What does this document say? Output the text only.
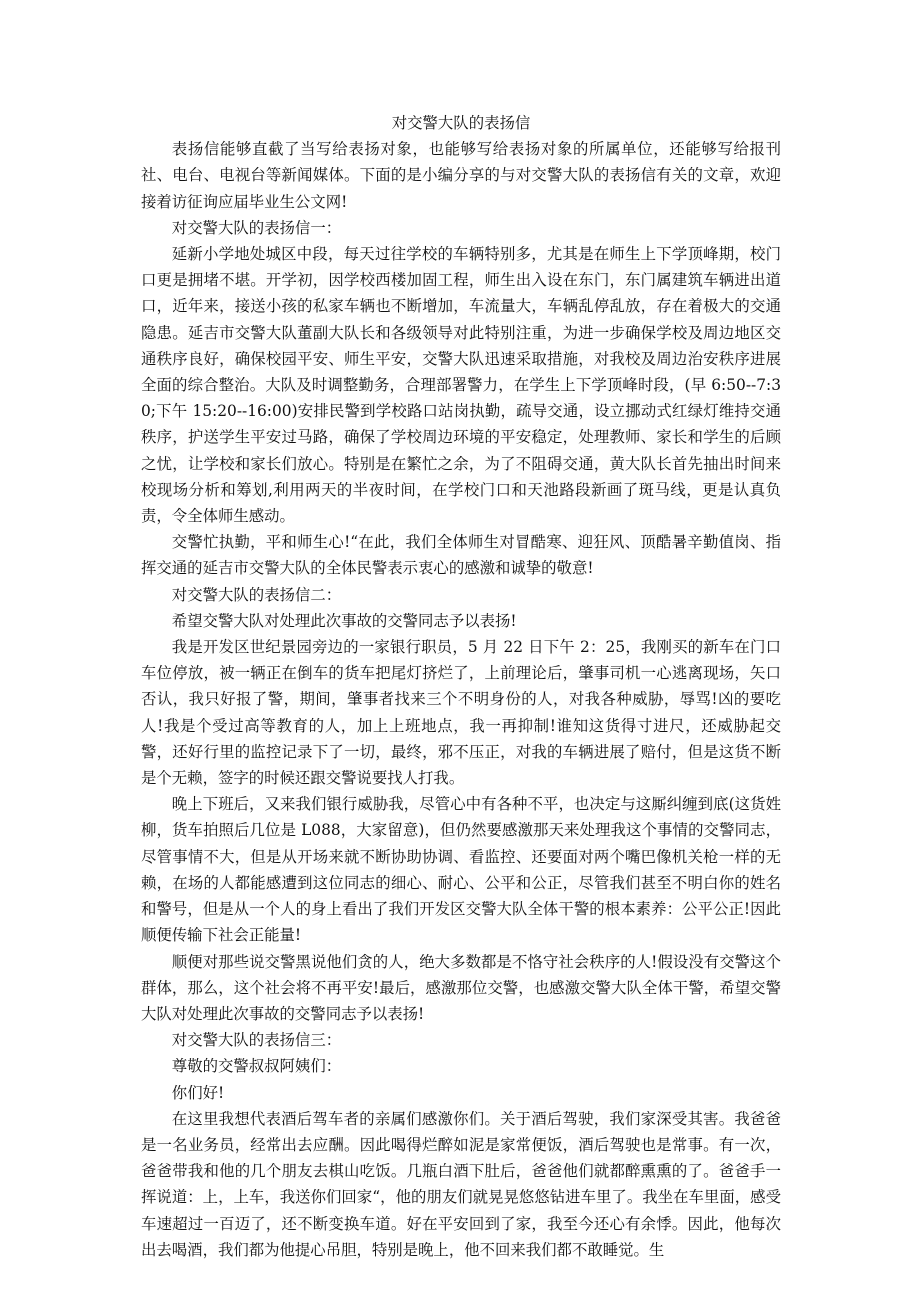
对交警大队的表扬信

表扬信能够直截了当写给表扬对象，也能够写给表扬对象的所属单位，还能够写给报刊社、电台、电视台等新闻媒体。下面的是小编分享的与对交警大队的表扬信有关的文章，欢迎接着访征询应届毕业生公文网!

对交警大队的表扬信一：

延新小学地处城区中段，每天过往学校的车辆特别多，尤其是在师生上下学顶峰期，校门口更是拥堵不堪。开学初，因学校西楼加固工程，师生出入设在东门，东门属建筑车辆进出道口，近年来，接送小孩的私家车辆也不断增加，车流量大，车辆乱停乱放，存在着极大的交通隐患。延吉市交警大队董副大队长和各级领导对此特别注重，为进一步确保学校及周边地区交通秩序良好，确保校园平安、师生平安，交警大队迅速采取措施，对我校及周边治安秩序进展全面的综合整治。大队及时调整勤务，合理部署警力，在学生上下学顶峰时段，(早 6:50--7:30;下午 15:20--16:00)安排民警到学校路口站岗执勤，疏导交通，设立挪动式红绿灯维持交通秩序，护送学生平安过马路，确保了学校周边环境的平安稳定，处理教师、家长和学生的后顾之忧，让学校和家长们放心。特别是在繁忙之余，为了不阻碍交通，黄大队长首先抽出时间来校现场分析和筹划,利用两天的半夜时间，在学校门口和天池路段新画了斑马线，更是认真负责，令全体师生感动。

交警忙执勤，平和师生心!“在此，我们全体师生对冒酷寒、迎狂风、顶酷暑辛勤值岗、指挥交通的延吉市交警大队的全体民警表示衷心的感激和诚挚的敬意!

对交警大队的表扬信二：

希望交警大队对处理此次事故的交警同志予以表扬!

我是开发区世纪景园旁边的一家银行职员，5 月 22 日下午 2：25，我刚买的新车在门口车位停放，被一辆正在倒车的货车把尾灯挤烂了，上前理论后，肇事司机一心逃离现场，矢口否认，我只好报了警，期间，肇事者找来三个不明身份的人，对我各种威胁，辱骂!凶的要吃人!我是个受过高等教育的人，加上上班地点，我一再抑制!谁知这货得寸进尺，还威胁起交警，还好行里的监控记录下了一切，最终，邪不压正，对我的车辆进展了赔付，但是这货不断是个无赖，签字的时候还跟交警说要找人打我。

晚上下班后，又来我们银行威胁我，尽管心中有各种不平，也决定与这厮纠缠到底(这货姓柳，货车拍照后几位是 L088，大家留意)，但仍然要感激那天来处理我这个事情的交警同志，尽管事情不大，但是从开场来就不断协助协调、看监控、还要面对两个嘴巴像机关枪一样的无赖，在场的人都能感遭到这位同志的细心、耐心、公平和公正，尽管我们甚至不明白你的姓名和警号，但是从一个人的身上看出了我们开发区交警大队全体干警的根本素养：公平公正!因此顺便传输下社会正能量!

顺便对那些说交警黑说他们贪的人，绝大多数都是不恪守社会秩序的人!假设没有交警这个群体，那么，这个社会将不再平安!最后，感激那位交警，也感激交警大队全体干警，希望交警大队对处理此次事故的交警同志予以表扬!

对交警大队的表扬信三：

尊敬的交警叔叔阿姨们：

你们好!

在这里我想代表酒后驾车者的亲属们感激你们。关于酒后驾驶，我们家深受其害。我爸爸是一名业务员，经常出去应酬。因此喝得烂醉如泥是家常便饭，酒后驾驶也是常事。有一次，爸爸带我和他的几个朋友去棋山吃饭。几瓶白酒下肚后，爸爸他们就都醉熏熏的了。爸爸手一挥说道：上，上车，我送你们回家“，他的朋友们就晃晃悠悠钻进车里了。我坐在车里面，感受车速超过一百迈了，还不断变换车道。好在平安回到了家，我至今还心有余悸。因此，他每次出去喝酒，我们都为他提心吊胆，特别是晚上，他不回来我们都不敢睡觉。生
